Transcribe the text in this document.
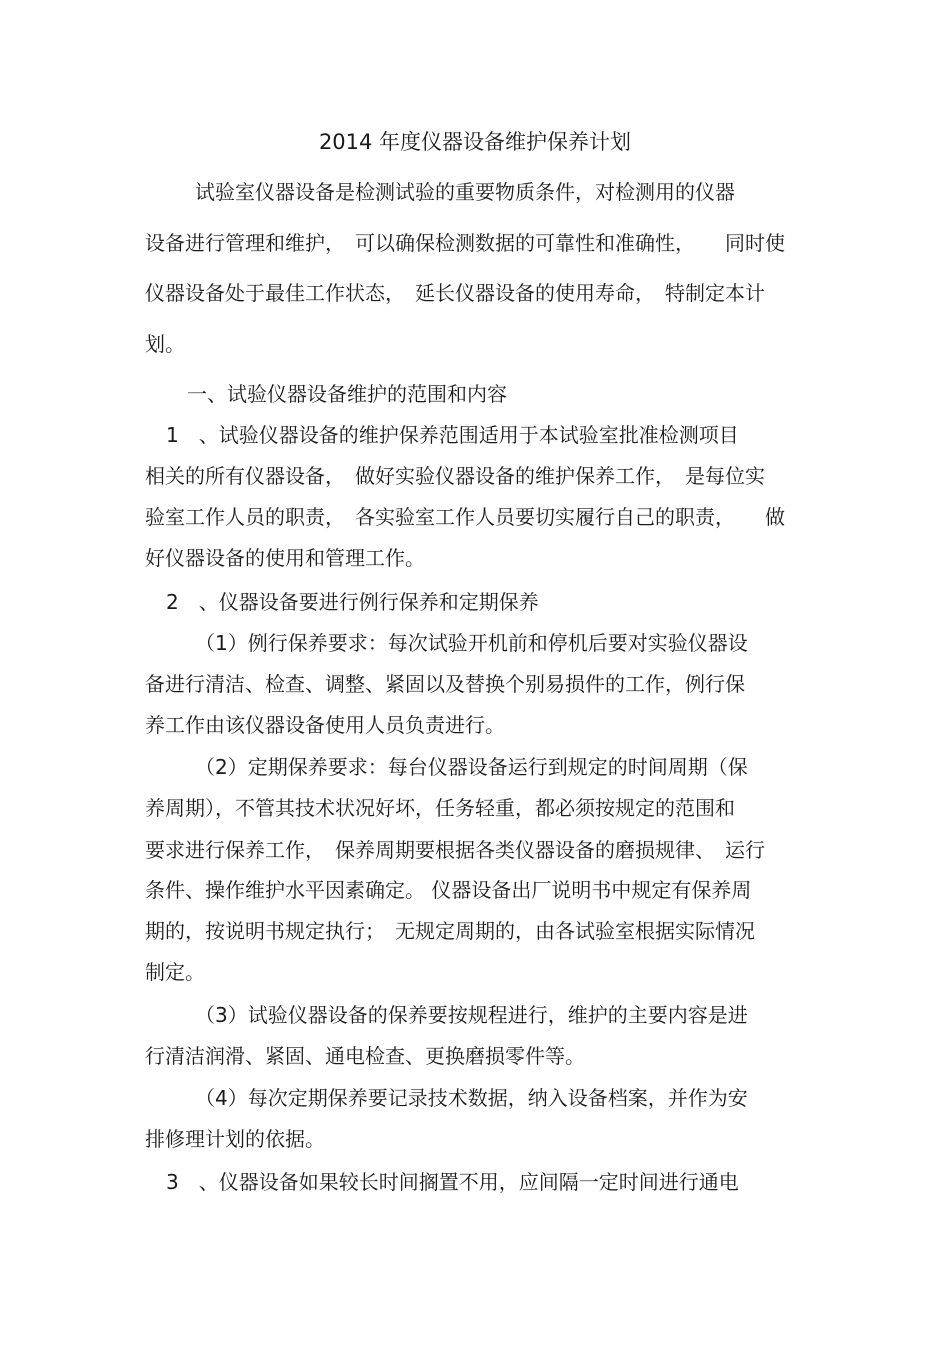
2014 年度仪器设备维护保养计划
试验室仪器设备是检测试验的重要物质条件，对检测用的仪器
设备进行管理和维护，　可以确保检测数据的可靠性和准确性，　　同时使
仪器设备处于最佳工作状态，　延长仪器设备的使用寿命，　特制定本计
划。
一、试验仪器设备维护的范围和内容
1　、试验仪器设备的维护保养范围适用于本试验室批准检测项目
相关的所有仪器设备，　做好实验仪器设备的维护保养工作，　是每位实
验室工作人员的职责，　各实验室工作人员要切实履行自己的职责，　　做
好仪器设备的使用和管理工作。
2　、仪器设备要进行例行保养和定期保养
（1）例行保养要求：每次试验开机前和停机后要对实验仪器设
备进行清洁、检查、调整、紧固以及替换个别易损件的工作，例行保
养工作由该仪器设备使用人员负责进行。
（2）定期保养要求：每台仪器设备运行到规定的时间周期（保
养周期），不管其技术状况好坏，任务轻重，都必须按规定的范围和
要求进行保养工作，　保养周期要根据各类仪器设备的磨损规律、　运行
条件、操作维护水平因素确定。 仪器设备出厂说明书中规定有保养周
期的，按说明书规定执行；　无规定周期的，由各试验室根据实际情况
制定。
（3）试验仪器设备的保养要按规程进行，维护的主要内容是进
行清洁润滑、紧固、通电检查、更换磨损零件等。
（4）每次定期保养要记录技术数据，纳入设备档案，并作为安
排修理计划的依据。
3　、仪器设备如果较长时间搁置不用，应间隔一定时间进行通电
